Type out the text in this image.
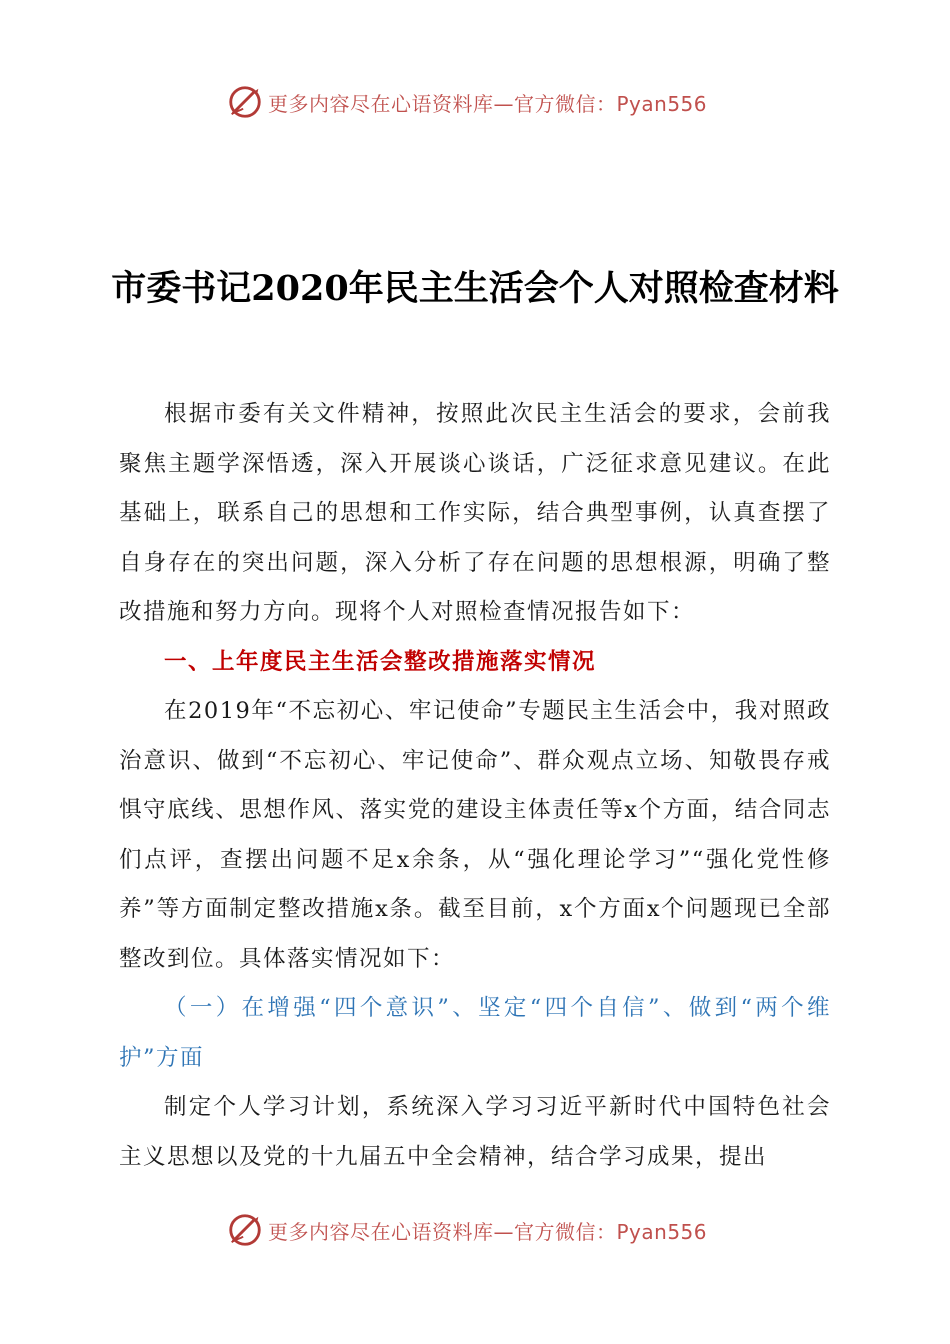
更多内容尽在心语资料库—官方微信：Pyan556
市委书记2020年民主生活会个人对照检查材料

根据市委有关文件精神，按照此次民主生活会的要求，会前我聚焦主题学深悟透，深入开展谈心谈话，广泛征求意见建议。在此基础上，联系自己的思想和工作实际，结合典型事例，认真查摆了自身存在的突出问题，深入分析了存在问题的思想根源，明确了整改措施和努力方向。现将个人对照检查情况报告如下：

一、上年度民主生活会整改措施落实情况

在2019年“不忘初心、牢记使命”专题民主生活会中，我对照政治意识、做到“不忘初心、牢记使命”、群众观点立场、知敬畏存戒惧守底线、思想作风、落实党的建设主体责任等x个方面，结合同志们点评，查摆出问题不足x余条，从“强化理论学习”“强化党性修养”等方面制定整改措施x条。截至目前，x个方面x个问题现已全部整改到位。具体落实情况如下：

（一）在增强“四个意识”、坚定“四个自信”、做到“两个维护”方面

制定个人学习计划，系统深入学习习近平新时代中国特色社会主义思想以及党的十九届五中全会精神，结合学习成果，提出

更多内容尽在心语资料库—官方微信：Pyan556
